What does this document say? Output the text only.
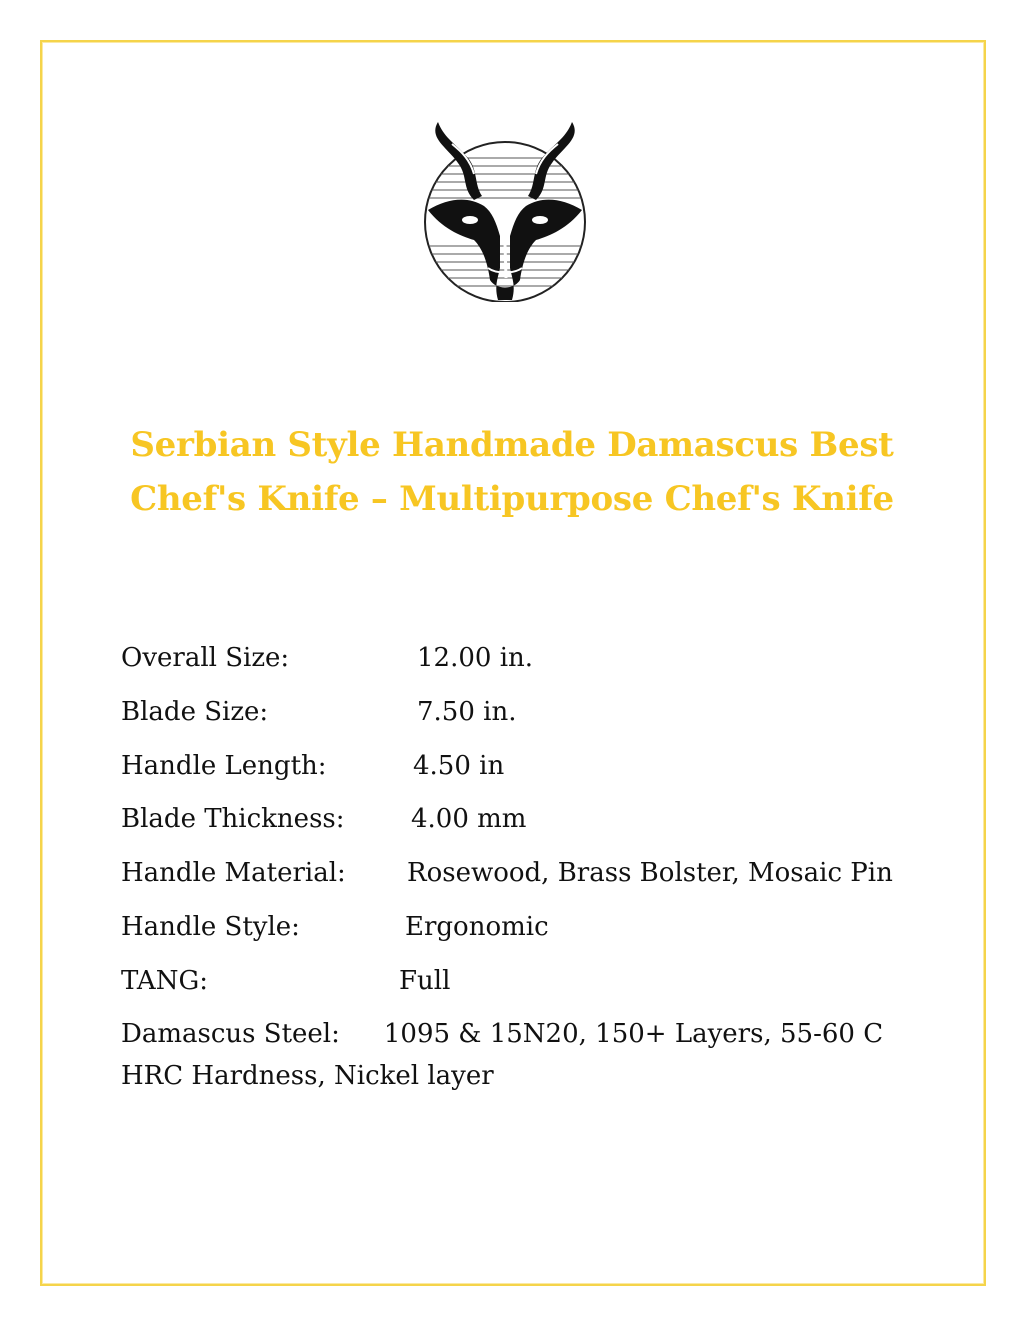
Serbian Style Handmade Damascus Best
Chef's Knife – Multipurpose Chef's Knife
Overall Size:	12.00 in.
Blade Size:	7.50 in.
Handle Length:	4.50 in
Blade Thickness:	4.00 mm
Handle Material: Rosewood, Brass Bolster, Mosaic Pin
Handle Style:	Ergonomic
TANG:	Full
Damascus Steel: 1095 & 15N20, 150+ Layers, 55-60 C HRC Hardness, Nickel layer
